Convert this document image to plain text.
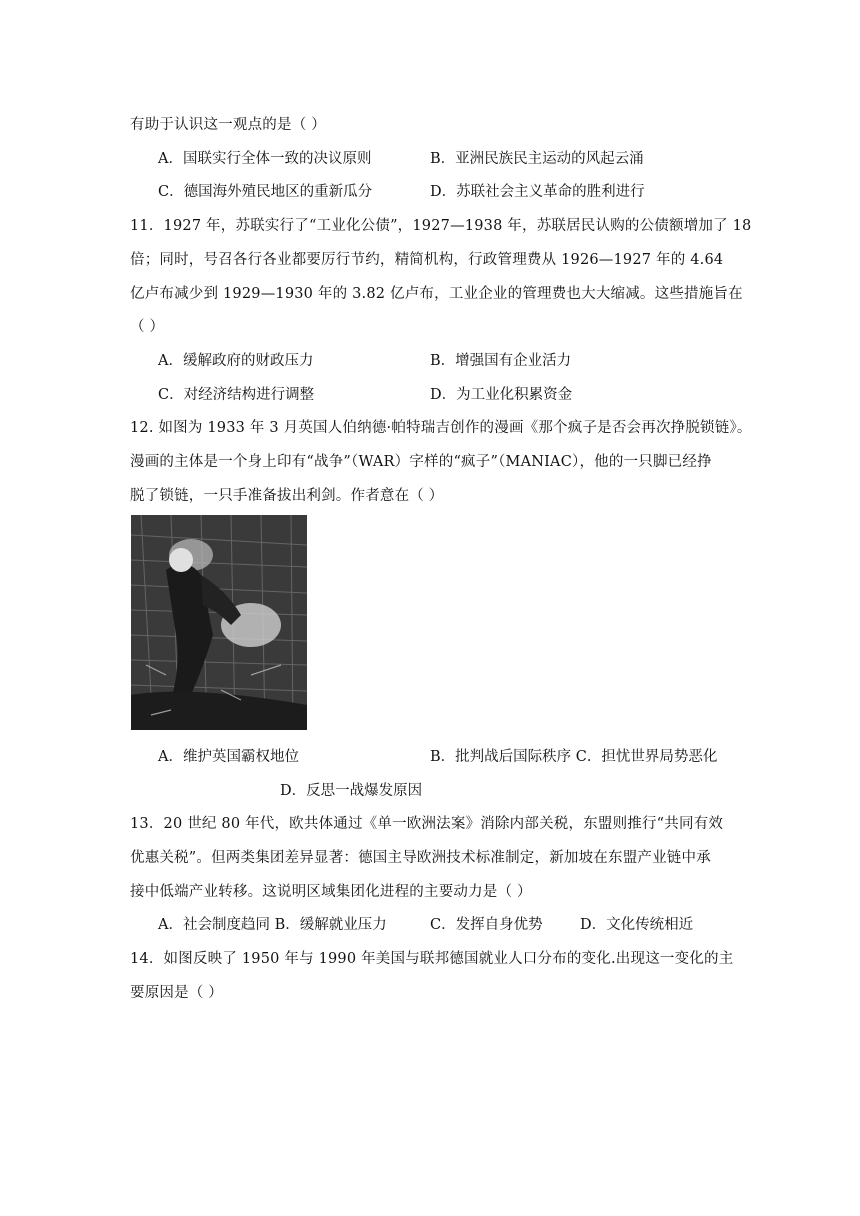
有助于认识这一观点的是（ ）
A．国联实行全体一致的决议原则	B．亚洲民族民主运动的风起云涌
C．德国海外殖民地区的重新瓜分	D．苏联社会主义革命的胜利进行
11．1927 年，苏联实行了“工业化公债”，1927—1938 年，苏联居民认购的公债额增加了 18
倍；同时，号召各行各业都要厉行节约，精简机构，行政管理费从 1926—1927 年的 4.64
亿卢布减少到 1929—1930 年的 3.82 亿卢布，工业企业的管理费也大大缩减。这些措施旨在
（ ）
A．缓解政府的财政压力	B．增强国有企业活力
C．对经济结构进行调整	D．为工业化积累资金
12. 如图为 1933 年 3 月英国人伯纳德·帕特瑞吉创作的漫画《那个疯子是否会再次挣脱锁链》。
漫画的主体是一个身上印有“战争”（WAR）字样的“疯子”（MANIAC），他的一只脚已经挣
脱了锁链，一只手准备拔出利剑。作者意在（ ）
A．维护英国霸权地位	B．批判战后国际秩序 C．担忧世界局势恶化
D．反思一战爆发原因
13．20 世纪 80 年代，欧共体通过《单一欧洲法案》消除内部关税，东盟则推行“共同有效
优惠关税”。但两类集团差异显著：德国主导欧洲技术标准制定，新加坡在东盟产业链中承
接中低端产业转移。这说明区域集团化进程的主要动力是（ ）
A．社会制度趋同 B．缓解就业压力	C．发挥自身优势	D．文化传统相近
14．如图反映了 1950 年与 1990 年美国与联邦德国就业人口分布的变化.出现这一变化的主
要原因是（ ）
